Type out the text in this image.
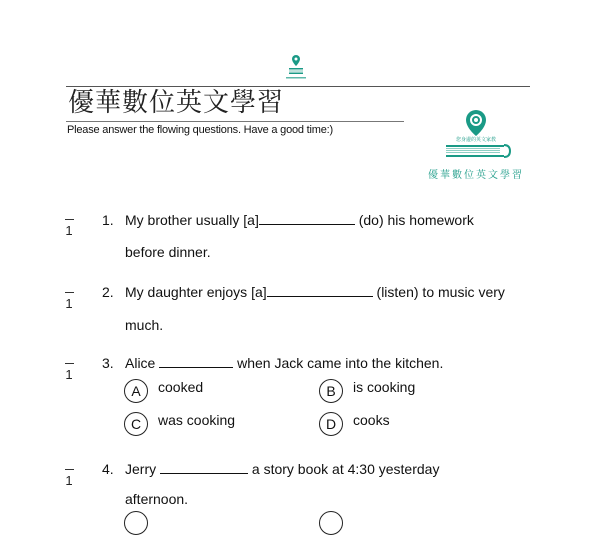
優華數位英文學習
Please answer the flowing questions. Have a good time:)
您身邊的英文家教
優華數位英文學習
1
1. My brother usually [a]	(do) his homework
before dinner.
1
2. My daughter enjoys [a]	(listen) to music very
much.
1
3. Alice	when Jack came into the kitchen.
A	cooked	B	is cooking
C	was cooking	D	cooks
1
4. Jerry	a story book at 4:30 yesterday
afternoon.
